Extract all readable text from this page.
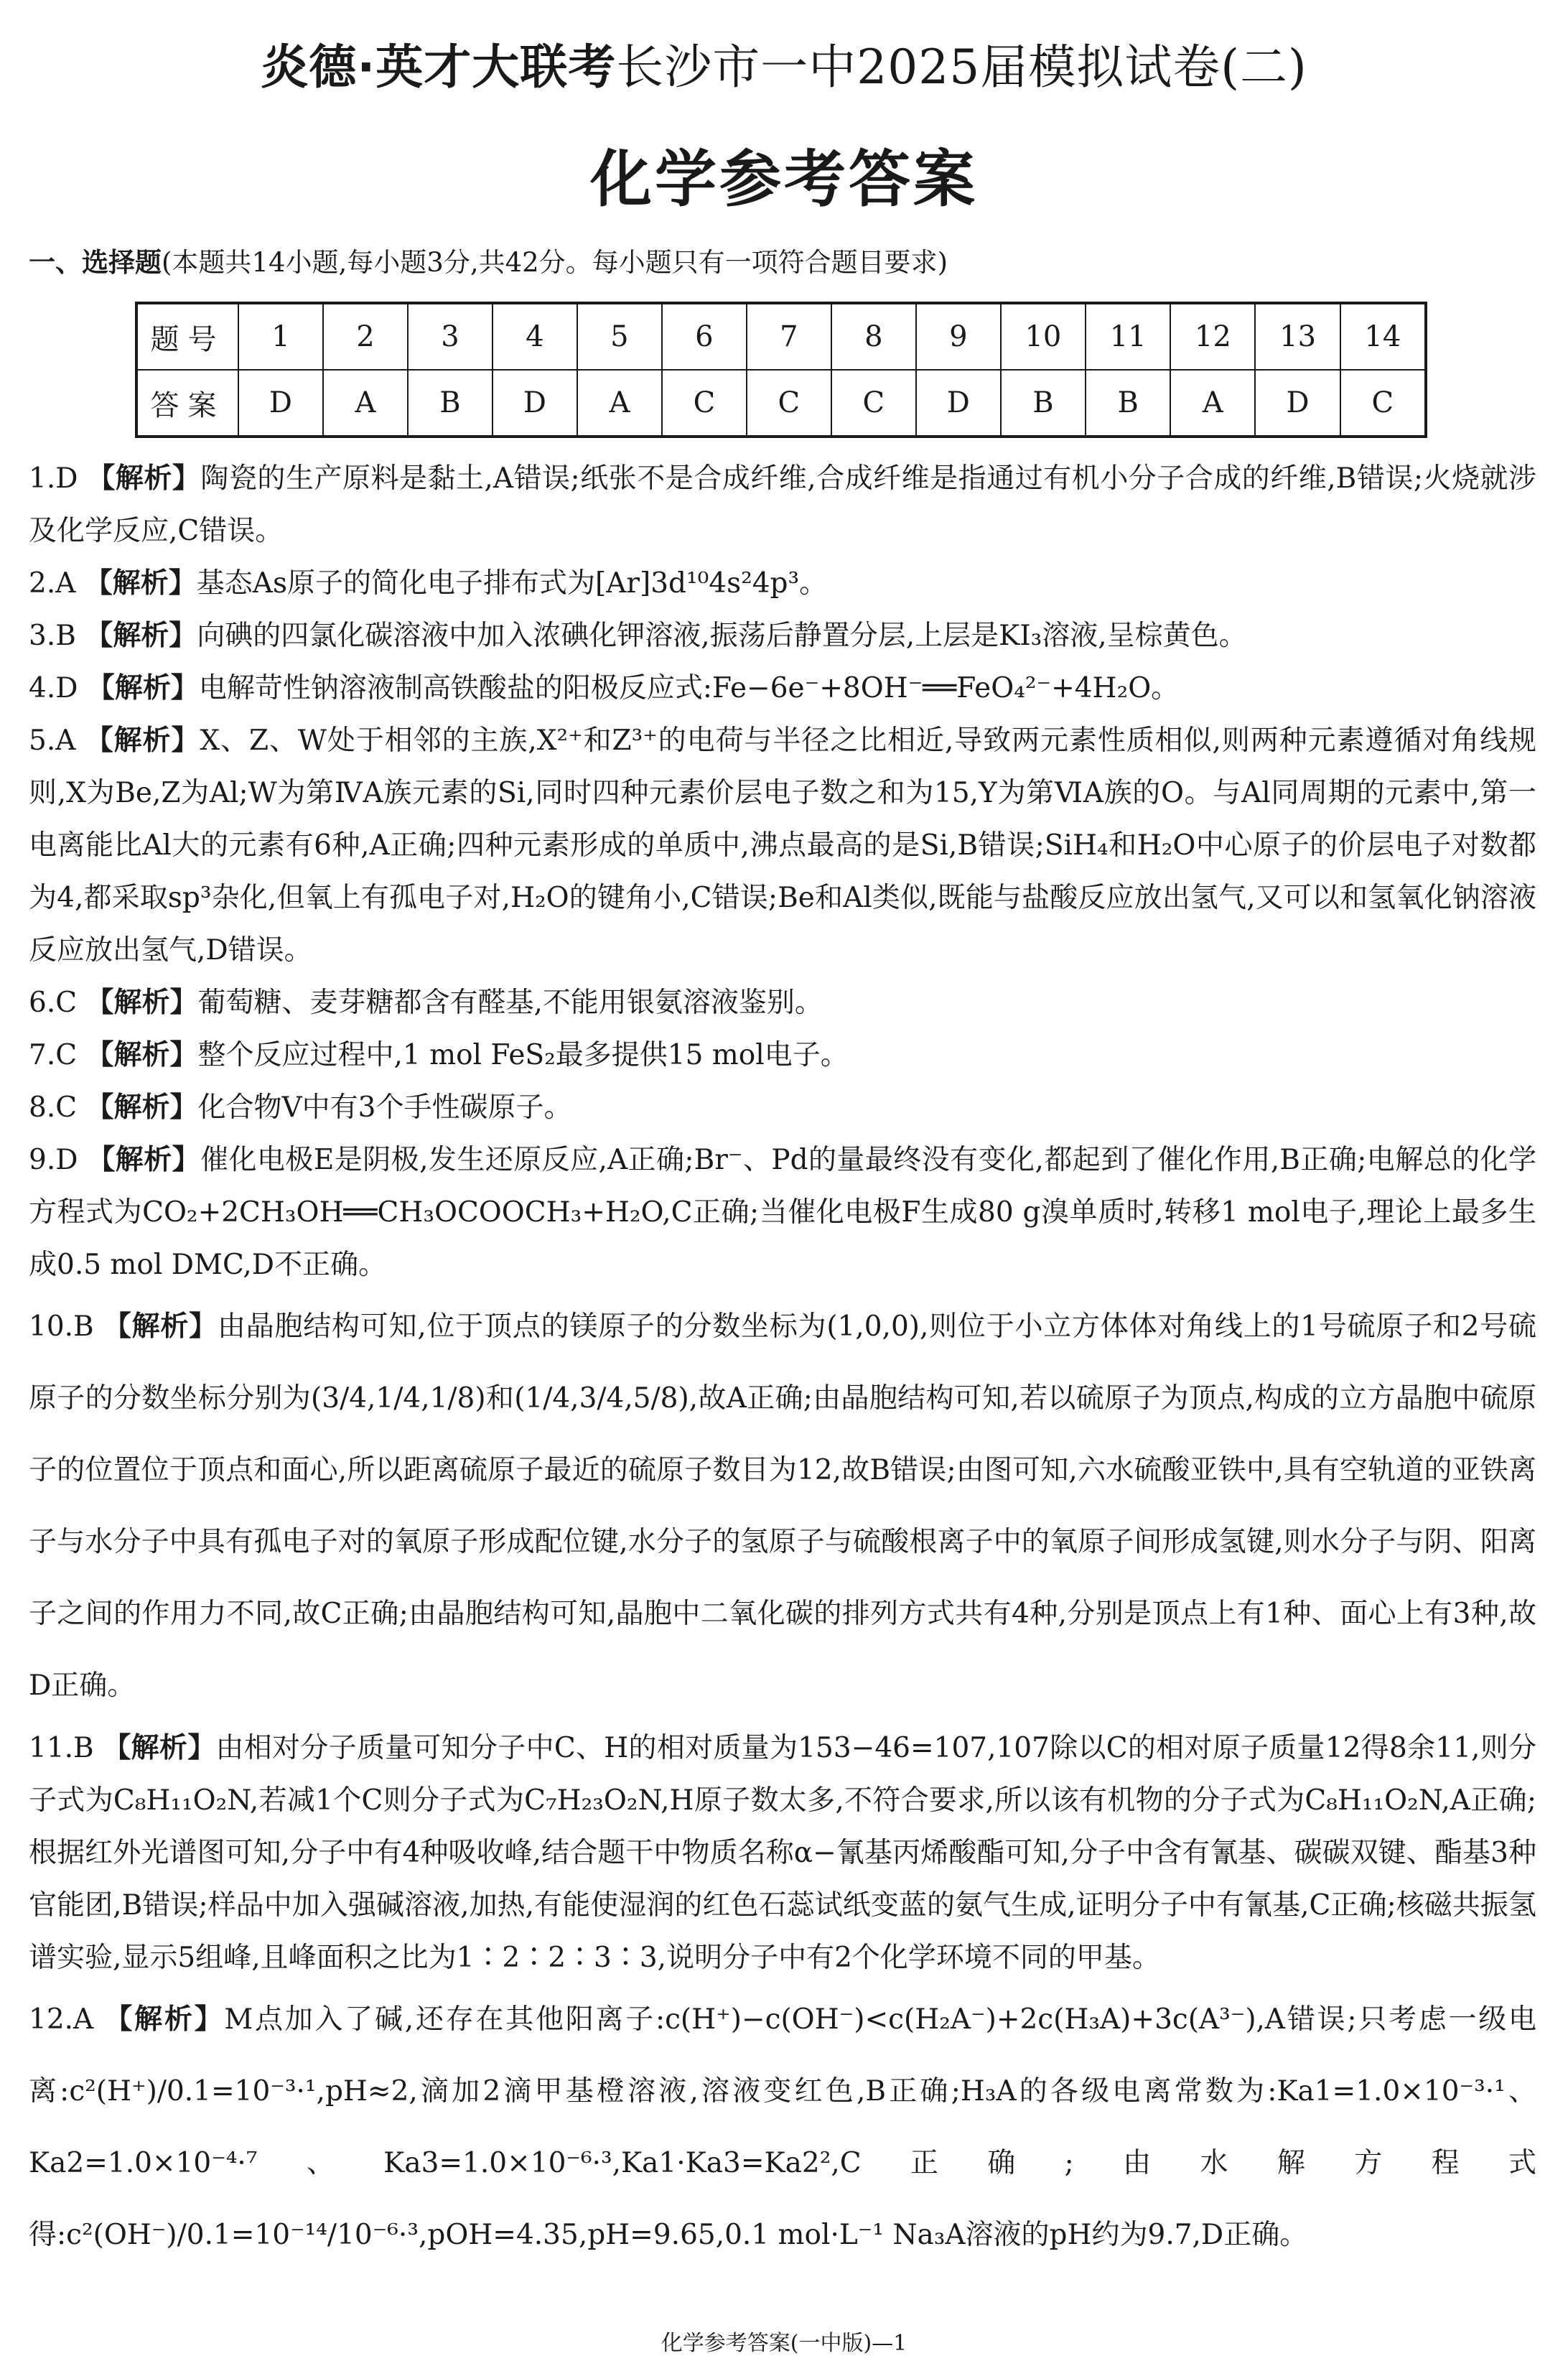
炎德·英才大联考长沙市一中2025届模拟试卷(二)
化学参考答案
一、选择题(本题共14小题,每小题3分,共42分。每小题只有一项符合题目要求)
题号	1	2	3	4	5	6	7	8	9	10	11	12	13	14
答案	D	A	B	D	A	C	C	C	D	B	B	A	D	C

1.D 【解析】陶瓷的生产原料是黏土,A错误;纸张不是合成纤维,合成纤维是指通过有机小分子合成的纤维,B错误;火烧就涉及化学反应,C错误。

2.A 【解析】基态As原子的简化电子排布式为[Ar]3d¹⁰4s²4p³。

3.B 【解析】向碘的四氯化碳溶液中加入浓碘化钾溶液,振荡后静置分层,上层是KI₃溶液,呈棕黄色。

4.D 【解析】电解苛性钠溶液制高铁酸盐的阳极反应式:Fe−6e⁻+8OH⁻══FeO₄²⁻+4H₂O。

5.A 【解析】X、Z、W处于相邻的主族,X²⁺和Z³⁺的电荷与半径之比相近,导致两元素性质相似,则两种元素遵循对角线规则,X为Be,Z为Al;W为第ⅣA族元素的Si,同时四种元素价层电子数之和为15,Y为第ⅥA族的O。与Al同周期的元素中,第一电离能比Al大的元素有6种,A正确;四种元素形成的单质中,沸点最高的是Si,B错误;SiH₄和H₂O中心原子的价层电子对数都为4,都采取sp³杂化,但氧上有孤电子对,H₂O的键角小,C错误;Be和Al类似,既能与盐酸反应放出氢气,又可以和氢氧化钠溶液反应放出氢气,D错误。

6.C 【解析】葡萄糖、麦芽糖都含有醛基,不能用银氨溶液鉴别。

7.C 【解析】整个反应过程中,1 mol FeS₂最多提供15 mol电子。

8.C 【解析】化合物Ⅴ中有3个手性碳原子。

9.D 【解析】催化电极E是阴极,发生还原反应,A正确;Br⁻、Pd的量最终没有变化,都起到了催化作用,B正确;电解总的化学方程式为CO₂+2CH₃OH══CH₃OCOOCH₃+H₂O,C正确;当催化电极F生成80 g溴单质时,转移1 mol电子,理论上最多生成0.5 mol DMC,D不正确。

10.B 【解析】由晶胞结构可知,位于顶点的镁原子的分数坐标为(1,0,0),则位于小立方体体对角线上的1号硫原子和2号硫原子的分数坐标分别为(3/4,1/4,1/8)和(1/4,3/4,5/8),故A正确;由晶胞结构可知,若以硫原子为顶点,构成的立方晶胞中硫原子的位置位于顶点和面心,所以距离硫原子最近的硫原子数目为12,故B错误;由图可知,六水硫酸亚铁中,具有空轨道的亚铁离子与水分子中具有孤电子对的氧原子形成配位键,水分子的氢原子与硫酸根离子中的氧原子间形成氢键,则水分子与阴、阳离子之间的作用力不同,故C正确;由晶胞结构可知,晶胞中二氧化碳的排列方式共有4种,分别是顶点上有1种、面心上有3种,故D正确。

11.B 【解析】由相对分子质量可知分子中C、H的相对质量为153−46=107,107除以C的相对原子质量12得8余11,则分子式为C₈H₁₁O₂N,若减1个C则分子式为C₇H₂₃O₂N,H原子数太多,不符合要求,所以该有机物的分子式为C₈H₁₁O₂N,A正确;根据红外光谱图可知,分子中有4种吸收峰,结合题干中物质名称α−氰基丙烯酸酯可知,分子中含有氰基、碳碳双键、酯基3种官能团,B错误;样品中加入强碱溶液,加热,有能使湿润的红色石蕊试纸变蓝的氨气生成,证明分子中有氰基,C正确;核磁共振氢谱实验,显示5组峰,且峰面积之比为1∶2∶2∶3∶3,说明分子中有2个化学环境不同的甲基。

12.A 【解析】M点加入了碱,还存在其他阳离子:c(H⁺)−c(OH⁻)<c(H₂A⁻)+2c(H₃A)+3c(A³⁻),A错误;只考虑一级电离:c²(H⁺)/0.1=10⁻³·¹,pH≈2,滴加2滴甲基橙溶液,溶液变红色,B正确;H₃A的各级电离常数为:Ka1=1.0×10⁻³·¹、Ka2=1.0×10⁻⁴·⁷、Ka3=1.0×10⁻⁶·³,Ka1·Ka3=Ka2²,C正确;由水解方程式得:c²(OH⁻)/0.1=10⁻¹⁴/10⁻⁶·³,pOH=4.35,pH=9.65,0.1 mol·L⁻¹ Na₃A溶液的pH约为9.7,D正确。

化学参考答案(一中版)—1
